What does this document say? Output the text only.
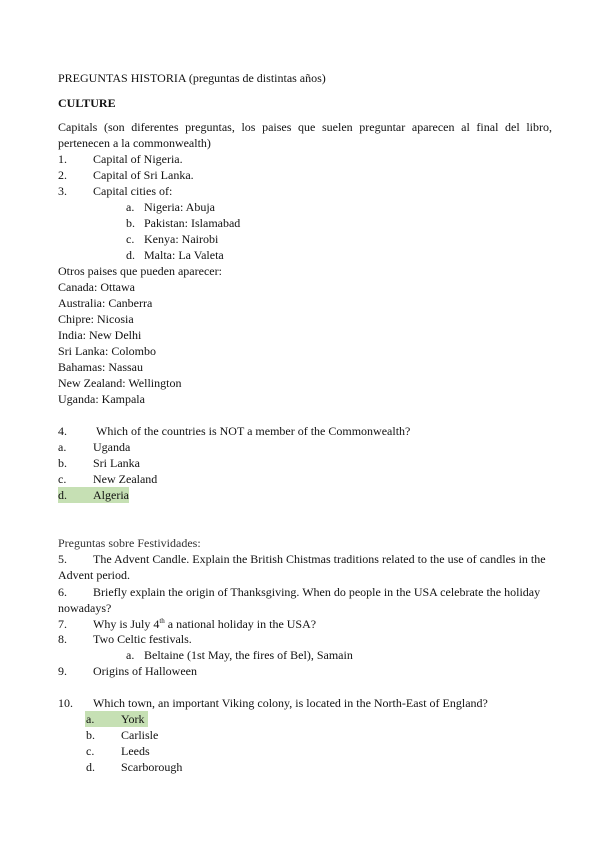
PREGUNTAS HISTORIA (preguntas de distintas años)
CULTURE
Capitals (son diferentes preguntas, los paises que suelen preguntar aparecen al final del libro, pertenecen a la commonwealth)
1. Capital of Nigeria.
2. Capital of Sri Lanka.
3. Capital cities of:
a. Nigeria: Abuja
b. Pakistan: Islamabad
c. Kenya: Nairobi
d. Malta: La Valeta
Otros paises que pueden aparecer:
Canada: Ottawa
Australia: Canberra
Chipre: Nicosia
India: New Delhi
Sri Lanka: Colombo
Bahamas: Nassau
New Zealand: Wellington
Uganda: Kampala
4. Which of the countries is NOT a member of the Commonwealth?
a. Uganda
b. Sri Lanka
c. New Zealand
d. Algeria
Preguntas sobre Festividades:
5. The Advent Candle. Explain the British Chistmas traditions related to the use of candles in the
Advent period.
6. Briefly explain the origin of Thanksgiving. When do people in the USA celebrate the holiday
nowadays?
7. Why is July 4th a national holiday in the USA?
8. Two Celtic festivals.
a. Beltaine (1st May, the fires of Bel), Samain
9. Origins of Halloween
10. Which town, an important Viking colony, is located in the North-East of England?
a. York
b. Carlisle
c. Leeds
d. Scarborough
